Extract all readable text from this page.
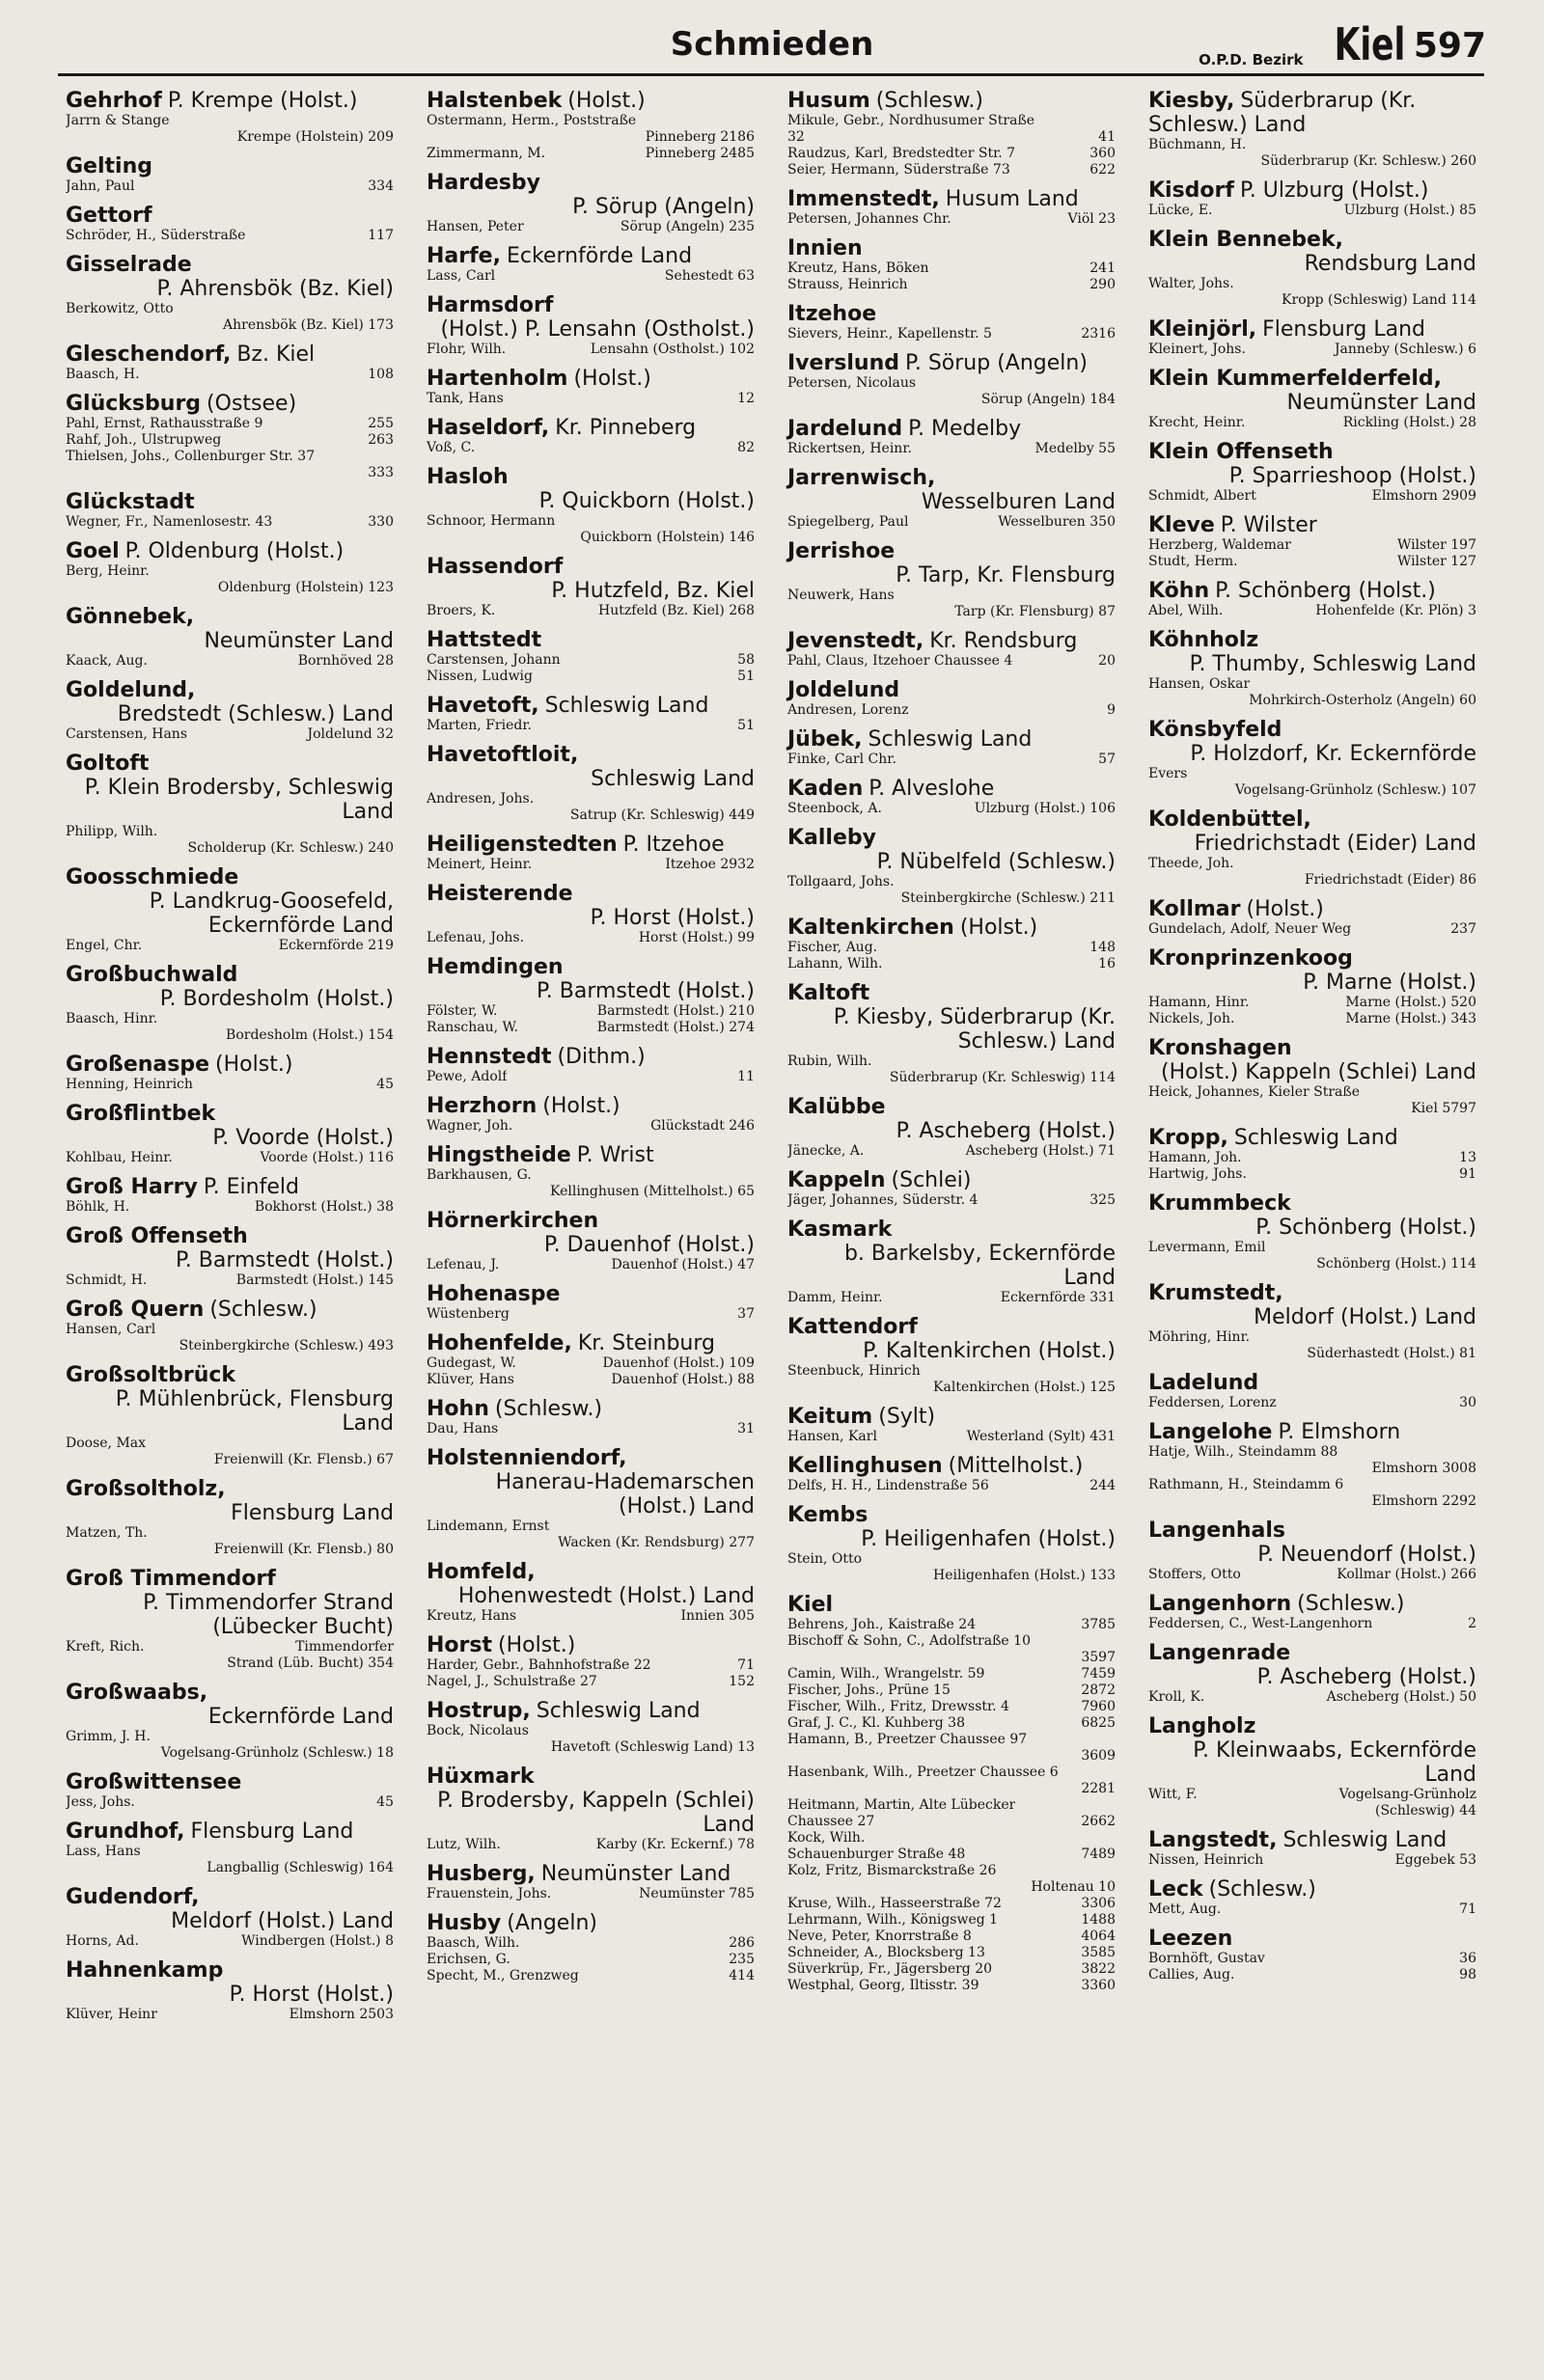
Schmieden	O.P.D. Bezirk Kiel 597
Gehrhof P. Krempe (Holst.)
Jarrn & Stange
Krempe (Holstein) 209
Gelting
Jahn, Paul	334
Gettorf
Schröder, H., Süderstraße	117
Gisselrade
P. Ahrensbök (Bz. Kiel)
Berkowitz, Otto
Ahrensbök (Bz. Kiel) 173
Gleschendorf, Bz. Kiel
Baasch, H.	108
Glücksburg (Ostsee)
Pahl, Ernst, Rathausstraße 9	255
Rahf, Joh., Ulstrupweg	263
Thielsen, Johs., Collenburger Str. 37
333
Glückstadt
Wegner, Fr., Namenlosestr. 43	330
Goel P. Oldenburg (Holst.)
Berg, Heinr.
Oldenburg (Holstein) 123
Gönnebek,
Neumünster Land
Kaack, Aug.	Bornhöved 28
Goldelund,
Bredstedt (Schlesw.) Land
Carstensen, Hans	Joldelund 32
Goltoft
P. Klein Brodersby, Schleswig Land
Philipp, Wilh.
Scholderup (Kr. Schlesw.) 240
Goosschmiede
P. Landkrug-Goosefeld, Eckernförde Land
Engel, Chr.	Eckernförde 219
Großbuchwald
P. Bordesholm (Holst.)
Baasch, Hinr.
Bordesholm (Holst.) 154
Großenaspe (Holst.)
Henning, Heinrich	45
Großflintbek
P. Voorde (Holst.)
Kohlbau, Heinr.	Voorde (Holst.) 116
Groß Harry P. Einfeld
Böhlk, H.	Bokhorst (Holst.) 38
Groß Offenseth
P. Barmstedt (Holst.)
Schmidt, H.	Barmstedt (Holst.) 145
Groß Quern (Schlesw.)
Hansen, Carl
Steinbergkirche (Schlesw.) 493
Großsoltbrück
P. Mühlenbrück, Flensburg Land
Doose, Max
Freienwill (Kr. Flensb.) 67
Großsoltholz,
Flensburg Land
Matzen, Th.
Freienwill (Kr. Flensb.) 80
Groß Timmendorf
P. Timmendorfer Strand (Lübecker Bucht)
Kreft, Rich.	Timmendorfer
Strand (Lüb. Bucht) 354
Großwaabs,
Eckernförde Land
Grimm, J. H.
Vogelsang-Grünholz (Schlesw.) 18
Großwittensee
Jess, Johs.	45
Grundhof, Flensburg Land
Lass, Hans
Langballig (Schleswig) 164
Gudendorf,
Meldorf (Holst.) Land
Horns, Ad.	Windbergen (Holst.) 8
Hahnenkamp
P. Horst (Holst.)
Klüver, Heinr	Elmshorn 2503
Halstenbek (Holst.)
Ostermann, Herm., Poststraße
Pinneberg 2186
Zimmermann, M.	Pinneberg 2485
Hardesby
P. Sörup (Angeln)
Hansen, Peter	Sörup (Angeln) 235
Harfe, Eckernförde Land
Lass, Carl	Sehestedt 63
Harmsdorf
(Holst.) P. Lensahn (Ostholst.)
Flohr, Wilh.	Lensahn (Ostholst.) 102
Hartenholm (Holst.)
Tank, Hans	12
Haseldorf, Kr. Pinneberg
Voß, C.	82
Hasloh
P. Quickborn (Holst.)
Schnoor, Hermann
Quickborn (Holstein) 146
Hassendorf
P. Hutzfeld, Bz. Kiel
Broers, K.	Hutzfeld (Bz. Kiel) 268
Hattstedt
Carstensen, Johann	58
Nissen, Ludwig	51
Havetoft, Schleswig Land
Marten, Friedr.	51
Havetoftloit,
Schleswig Land
Andresen, Johs.
Satrup (Kr. Schleswig) 449
Heiligenstedten P. Itzehoe
Meinert, Heinr.	Itzehoe 2932
Heisterende
P. Horst (Holst.)
Lefenau, Johs.	Horst (Holst.) 99
Hemdingen
P. Barmstedt (Holst.)
Fölster, W.	Barmstedt (Holst.) 210
Ranschau, W.	Barmstedt (Holst.) 274
Hennstedt (Dithm.)
Pewe, Adolf	11
Herzhorn (Holst.)
Wagner, Joh.	Glückstadt 246
Hingstheide P. Wrist
Barkhausen, G.
Kellinghusen (Mittelholst.) 65
Hörnerkirchen
P. Dauenhof (Holst.)
Lefenau, J.	Dauenhof (Holst.) 47
Hohenaspe
Wüstenberg	37
Hohenfelde, Kr. Steinburg
Gudegast, W.	Dauenhof (Holst.) 109
Klüver, Hans	Dauenhof (Holst.) 88
Hohn (Schlesw.)
Dau, Hans	31
Holstenniendorf,
Hanerau-Hademarschen (Holst.) Land
Lindemann, Ernst
Wacken (Kr. Rendsburg) 277
Homfeld,
Hohenwestedt (Holst.) Land
Kreutz, Hans	Innien 305
Horst (Holst.)
Harder, Gebr., Bahnhofstraße 22	71
Nagel, J., Schulstraße 27	152
Hostrup, Schleswig Land
Bock, Nicolaus
Havetoft (Schleswig Land) 13
Hüxmark
P. Brodersby, Kappeln (Schlei) Land
Lutz, Wilh.	Karby (Kr. Eckernf.) 78
Husberg, Neumünster Land
Frauenstein, Johs.	Neumünster 785
Husby (Angeln)
Baasch, Wilh.	286
Erichsen, G.	235
Specht, M., Grenzweg	414
Husum (Schlesw.)
Mikule, Gebr., Nordhusumer Straße
32	41
Raudzus, Karl, Bredstedter Str. 7	360
Seier, Hermann, Süderstraße 73	622
Immenstedt, Husum Land
Petersen, Johannes Chr.	Viöl 23
Innien
Kreutz, Hans, Böken	241
Strauss, Heinrich	290
Itzehoe
Sievers, Heinr., Kapellenstr. 5	2316
Iverslund P. Sörup (Angeln)
Petersen, Nicolaus
Sörup (Angeln) 184
Jardelund P. Medelby
Rickertsen, Heinr.	Medelby 55
Jarrenwisch,
Wesselburen Land
Spiegelberg, Paul	Wesselburen 350
Jerrishoe
P. Tarp, Kr. Flensburg
Neuwerk, Hans
Tarp (Kr. Flensburg) 87
Jevenstedt, Kr. Rendsburg
Pahl, Claus, Itzehoer Chaussee 4	20
Joldelund
Andresen, Lorenz	9
Jübek, Schleswig Land
Finke, Carl Chr.	57
Kaden P. Alveslohe
Steenbock, A.	Ulzburg (Holst.) 106
Kalleby
P. Nübelfeld (Schlesw.)
Tollgaard, Johs.
Steinbergkirche (Schlesw.) 211
Kaltenkirchen (Holst.)
Fischer, Aug.	148
Lahann, Wilh.	16
Kaltoft
P. Kiesby, Süderbrarup (Kr. Schlesw.) Land
Rubin, Wilh.
Süderbrarup (Kr. Schleswig) 114
Kalübbe
P. Ascheberg (Holst.)
Jänecke, A.	Ascheberg (Holst.) 71
Kappeln (Schlei)
Jäger, Johannes, Süderstr. 4	325
Kasmark
b. Barkelsby, Eckernförde Land
Damm, Heinr.	Eckernförde 331
Kattendorf
P. Kaltenkirchen (Holst.)
Steenbuck, Hinrich
Kaltenkirchen (Holst.) 125
Keitum (Sylt)
Hansen, Karl	Westerland (Sylt) 431
Kellinghusen (Mittelholst.)
Delfs, H. H., Lindenstraße 56	244
Kembs
P. Heiligenhafen (Holst.)
Stein, Otto
Heiligenhafen (Holst.) 133
Kiel
Behrens, Joh., Kaistraße 24	3785
Bischoff & Sohn, C., Adolfstraße 10
3597
Camin, Wilh., Wrangelstr. 59	7459
Fischer, Johs., Prüne 15	2872
Fischer, Wilh., Fritz, Drewsstr. 4	7960
Graf, J. C., Kl. Kuhberg 38	6825
Hamann, B., Preetzer Chaussee 97
3609
Hasenbank, Wilh., Preetzer Chaussee 6
2281
Heitmann, Martin, Alte Lübecker
Chaussee 27	2662
Kock, Wilh.
Schauenburger Straße 48	7489
Kolz, Fritz, Bismarckstraße 26
Holtenau 10
Kruse, Wilh., Hasseerstraße 72	3306
Lehrmann, Wilh., Königsweg 1	1488
Neve, Peter, Knorrstraße 8	4064
Schneider, A., Blocksberg 13	3585
Süverkrüp, Fr., Jägersberg 20	3822
Westphal, Georg, Iltisstr. 39	3360
Kiesby, Süderbrarup (Kr. Schlesw.) Land
Büchmann, H.
Süderbrarup (Kr. Schlesw.) 260
Kisdorf P. Ulzburg (Holst.)
Lücke, E.	Ulzburg (Holst.) 85
Klein Bennebek,
Rendsburg Land
Walter, Johs.
Kropp (Schleswig) Land 114
Kleinjörl, Flensburg Land
Kleinert, Johs.	Janneby (Schlesw.) 6
Klein Kummerfelderfeld,
Neumünster Land
Krecht, Heinr.	Rickling (Holst.) 28
Klein Offenseth
P. Sparrieshoop (Holst.)
Schmidt, Albert	Elmshorn 2909
Kleve P. Wilster
Herzberg, Waldemar	Wilster 197
Studt, Herm.	Wilster 127
Köhn P. Schönberg (Holst.)
Abel, Wilh.	Hohenfelde (Kr. Plön) 3
Köhnholz
P. Thumby, Schleswig Land
Hansen, Oskar
Mohrkirch-Osterholz (Angeln) 60
Könsbyfeld
P. Holzdorf, Kr. Eckernförde
Evers
Vogelsang-Grünholz (Schlesw.) 107
Koldenbüttel,
Friedrichstadt (Eider) Land
Theede, Joh.
Friedrichstadt (Eider) 86
Kollmar (Holst.)
Gundelach, Adolf, Neuer Weg	237
Kronprinzenkoog
P. Marne (Holst.)
Hamann, Hinr.	Marne (Holst.) 520
Nickels, Joh.	Marne (Holst.) 343
Kronshagen
(Holst.) Kappeln (Schlei) Land
Heick, Johannes, Kieler Straße
Kiel 5797
Kropp, Schleswig Land
Hamann, Joh.	13
Hartwig, Johs.	91
Krummbeck
P. Schönberg (Holst.)
Levermann, Emil
Schönberg (Holst.) 114
Krumstedt,
Meldorf (Holst.) Land
Möhring, Hinr.
Süderhastedt (Holst.) 81
Ladelund
Feddersen, Lorenz	30
Langelohe P. Elmshorn
Hatje, Wilh., Steindamm 88
Elmshorn 3008
Rathmann, H., Steindamm 6
Elmshorn 2292
Langenhals
P. Neuendorf (Holst.)
Stoffers, Otto	Kollmar (Holst.) 266
Langenhorn (Schlesw.)
Feddersen, C., West-Langenhorn	2
Langenrade
P. Ascheberg (Holst.)
Kroll, K.	Ascheberg (Holst.) 50
Langholz
P. Kleinwaabs, Eckernförde Land
Witt, F.	Vogelsang-Grünholz
(Schleswig) 44
Langstedt, Schleswig Land
Nissen, Heinrich	Eggebek 53
Leck (Schlesw.)
Mett, Aug.	71
Leezen
Bornhöft, Gustav	36
Callies, Aug.	98
